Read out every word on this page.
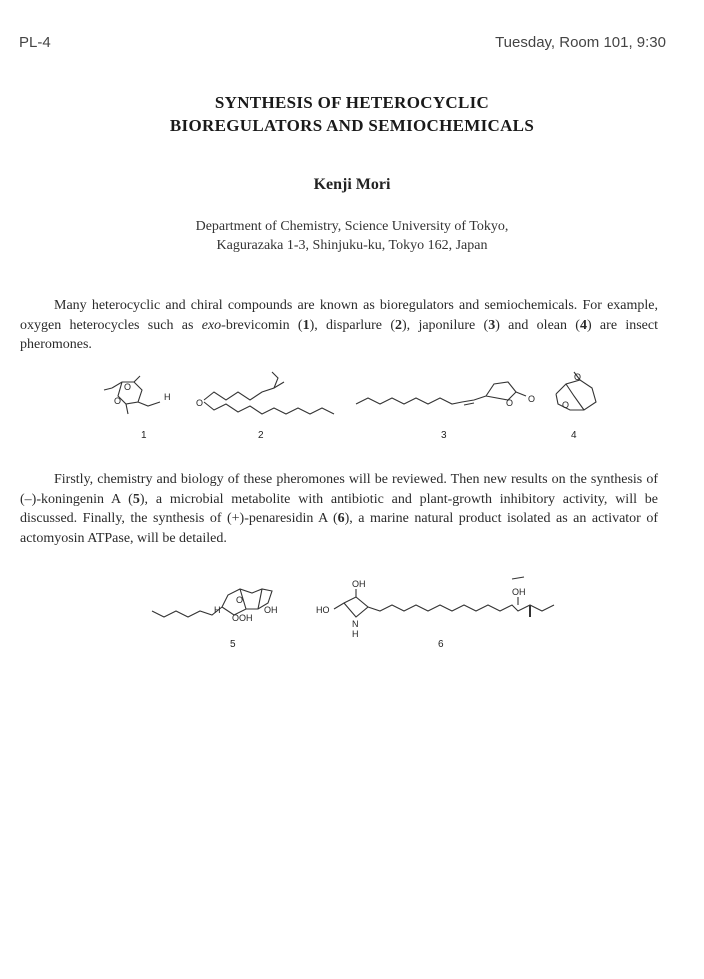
PL-4	Tuesday, Room 101, 9:30
SYNTHESIS OF HETEROCYCLIC
BIOREGULATORS AND SEMIOCHEMICALS
Kenji Mori
Department of Chemistry, Science University of Tokyo,
Kagurazaka 1-3, Shinjuku-ku, Tokyo 162, Japan
Many heterocyclic and chiral compounds are known as bioregulators and semiochemicals. For example, oxygen heterocycles such as exo-brevicomin (1), disparlure (2), japonilure (3) and olean (4) are insect pheromones.
O
O	H
O	O O
O
O
1	2	3	4
Firstly, chemistry and biology of these pheromones will be reviewed. Then new results on the synthesis of (–)-koningenin A (5), a microbial metabolite with antibiotic and plant-growth inhibitory activity, will be discussed. Finally, the synthesis of (+)-penaresidin A (6), a marine natural product isolated as an activator of actomyosin ATPase, will be detailed.
H
O
OH
OOH
HO
OH
N
H
OH
5	6
